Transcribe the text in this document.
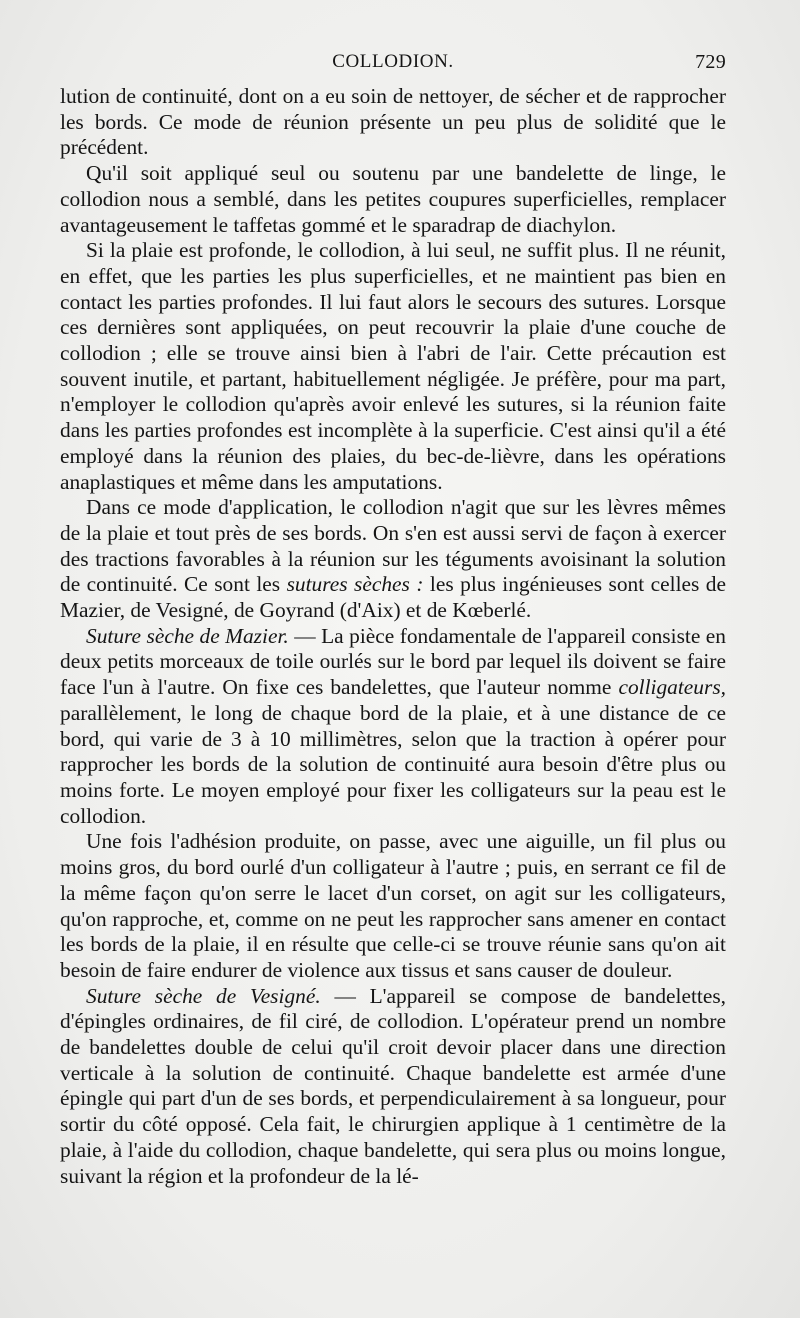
COLLODION.	729

lution de continuité, dont on a eu soin de nettoyer, de sécher et de rapprocher les bords. Ce mode de réunion présente un peu plus de solidité que le précédent.

Qu'il soit appliqué seul ou soutenu par une bandelette de linge, le collodion nous a semblé, dans les petites coupures superficielles, remplacer avantageusement le taffetas gommé et le sparadrap de diachylon.

Si la plaie est profonde, le collodion, à lui seul, ne suffit plus. Il ne réunit, en effet, que les parties les plus superficielles, et ne maintient pas bien en contact les parties profondes. Il lui faut alors le secours des sutures. Lorsque ces dernières sont appliquées, on peut recouvrir la plaie d'une couche de collodion ; elle se trouve ainsi bien à l'abri de l'air. Cette précaution est souvent inutile, et partant, habituellement négligée. Je préfère, pour ma part, n'employer le collodion qu'après avoir enlevé les sutures, si la réunion faite dans les parties profondes est incomplète à la superficie. C'est ainsi qu'il a été employé dans la réunion des plaies, du bec-de-lièvre, dans les opérations anaplastiques et même dans les amputations.

Dans ce mode d'application, le collodion n'agit que sur les lèvres mêmes de la plaie et tout près de ses bords. On s'en est aussi servi de façon à exercer des tractions favorables à la réunion sur les téguments avoisinant la solution de continuité. Ce sont les sutures sèches : les plus ingénieuses sont celles de Mazier, de Vesigné, de Goyrand (d'Aix) et de Kœberlé.

Suture sèche de Mazier. — La pièce fondamentale de l'appareil consiste en deux petits morceaux de toile ourlés sur le bord par lequel ils doivent se faire face l'un à l'autre. On fixe ces bandelettes, que l'auteur nomme colligateurs, parallèlement, le long de chaque bord de la plaie, et à une distance de ce bord, qui varie de 3 à 10 millimètres, selon que la traction à opérer pour rapprocher les bords de la solution de continuité aura besoin d'être plus ou moins forte. Le moyen employé pour fixer les colligateurs sur la peau est le collodion.

Une fois l'adhésion produite, on passe, avec une aiguille, un fil plus ou moins gros, du bord ourlé d'un colligateur à l'autre ; puis, en serrant ce fil de la même façon qu'on serre le lacet d'un corset, on agit sur les colligateurs, qu'on rapproche, et, comme on ne peut les rapprocher sans amener en contact les bords de la plaie, il en résulte que celle-ci se trouve réunie sans qu'on ait besoin de faire endurer de violence aux tissus et sans causer de douleur.

Suture sèche de Vesigné. — L'appareil se compose de bandelettes, d'épingles ordinaires, de fil ciré, de collodion. L'opérateur prend un nombre de bandelettes double de celui qu'il croit devoir placer dans une direction verticale à la solution de continuité. Chaque bandelette est armée d'une épingle qui part d'un de ses bords, et perpendiculairement à sa longueur, pour sortir du côté opposé. Cela fait, le chirurgien applique à 1 centimètre de la plaie, à l'aide du collodion, chaque bandelette, qui sera plus ou moins longue, suivant la région et la profondeur de la lé-
